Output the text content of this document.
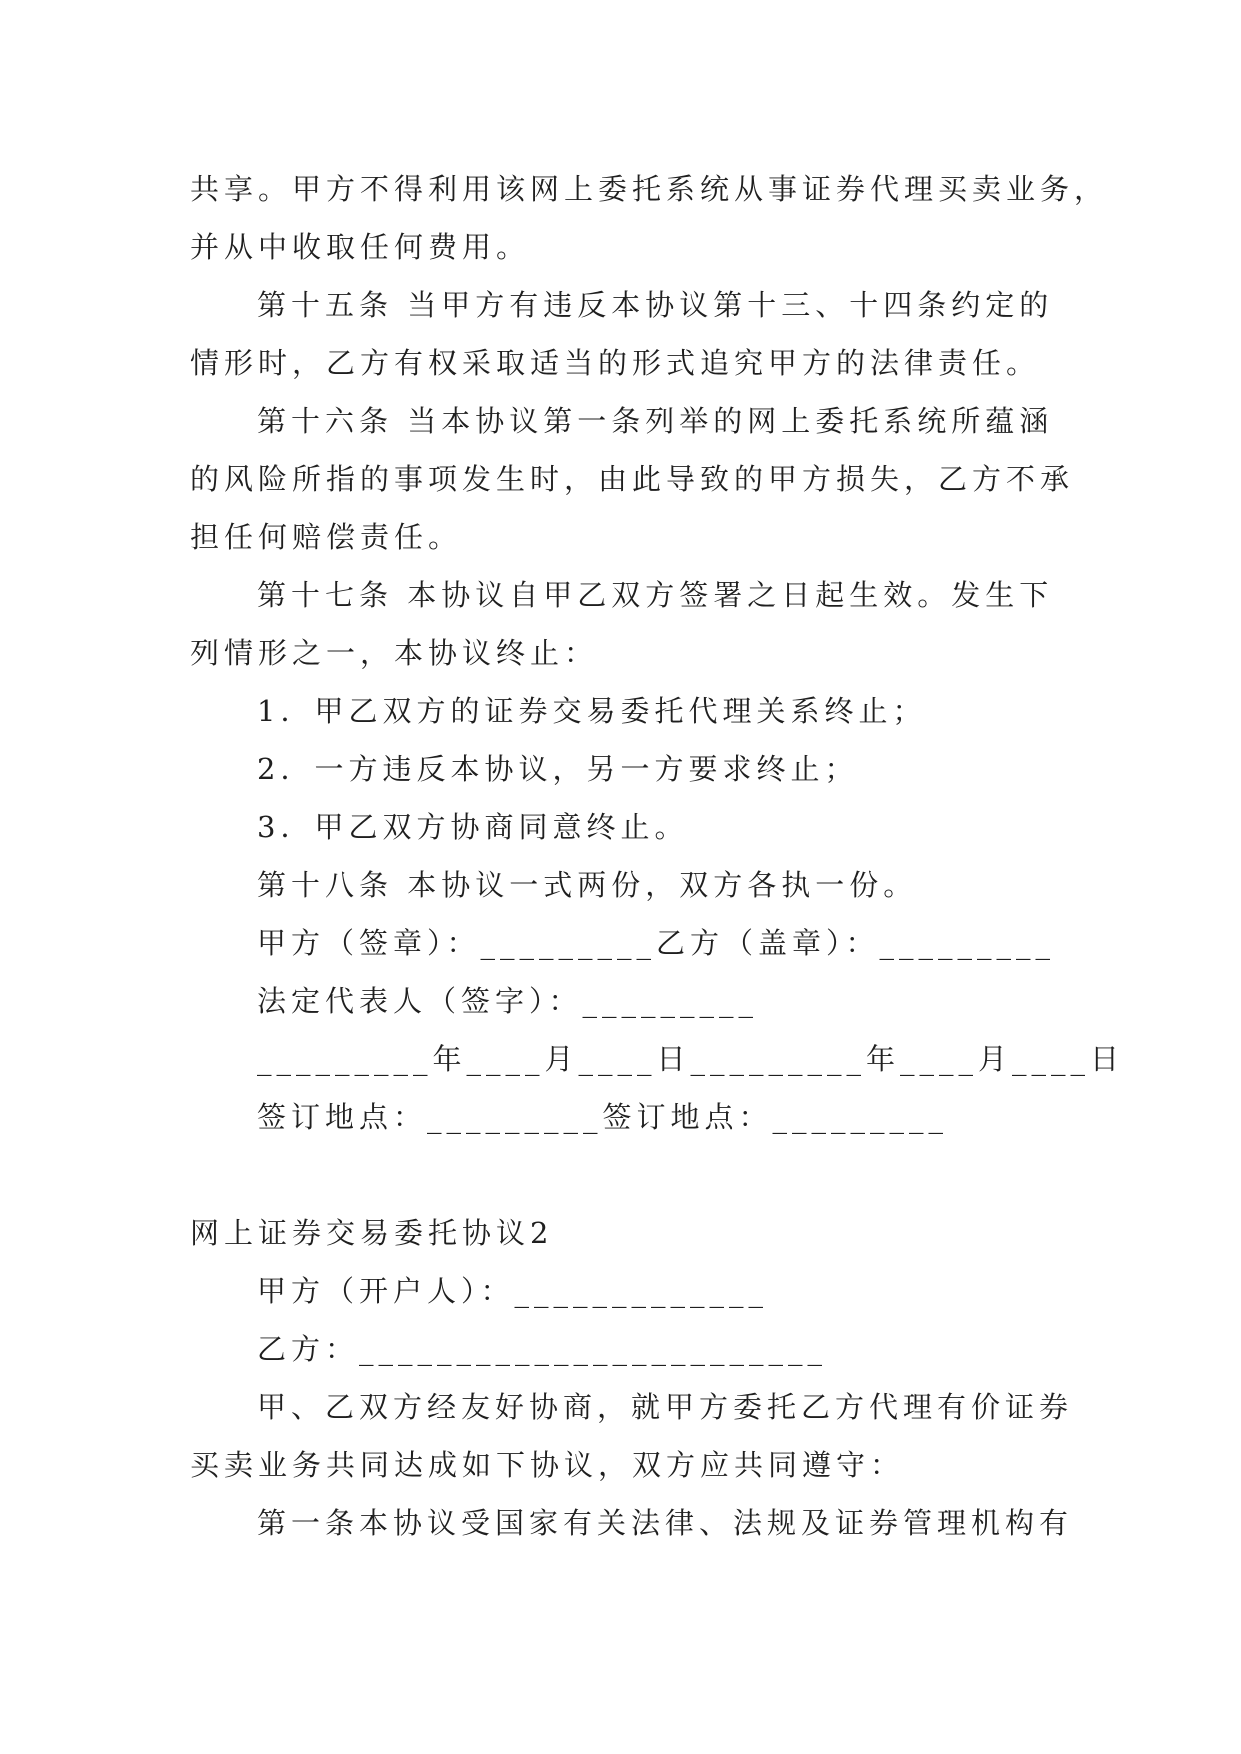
共享。甲方不得利用该网上委托系统从事证券代理买卖业务，
并从中收取任何费用。
第十五条 当甲方有违反本协议第十三、十四条约定的
情形时，乙方有权采取适当的形式追究甲方的法律责任。
第十六条 当本协议第一条列举的网上委托系统所蕴涵
的风险所指的事项发生时，由此导致的甲方损失，乙方不承
担任何赔偿责任。
第十七条 本协议自甲乙双方签署之日起生效。发生下
列情形之一，本协议终止：
1．甲乙双方的证券交易委托代理关系终止；
2．一方违反本协议，另一方要求终止；
3．甲乙双方协商同意终止。
第十八条 本协议一式两份，双方各执一份。
甲方（签章）：_________乙方（盖章）：_________
法定代表人（签字）：_________
_________年____月____日_________年____月____日
签订地点：_________签订地点：_________
网上证券交易委托协议2
甲方（开户人）：_____________
乙方：________________________
甲、乙双方经友好协商，就甲方委托乙方代理有价证券
买卖业务共同达成如下协议，双方应共同遵守：
第一条本协议受国家有关法律、法规及证券管理机构有
